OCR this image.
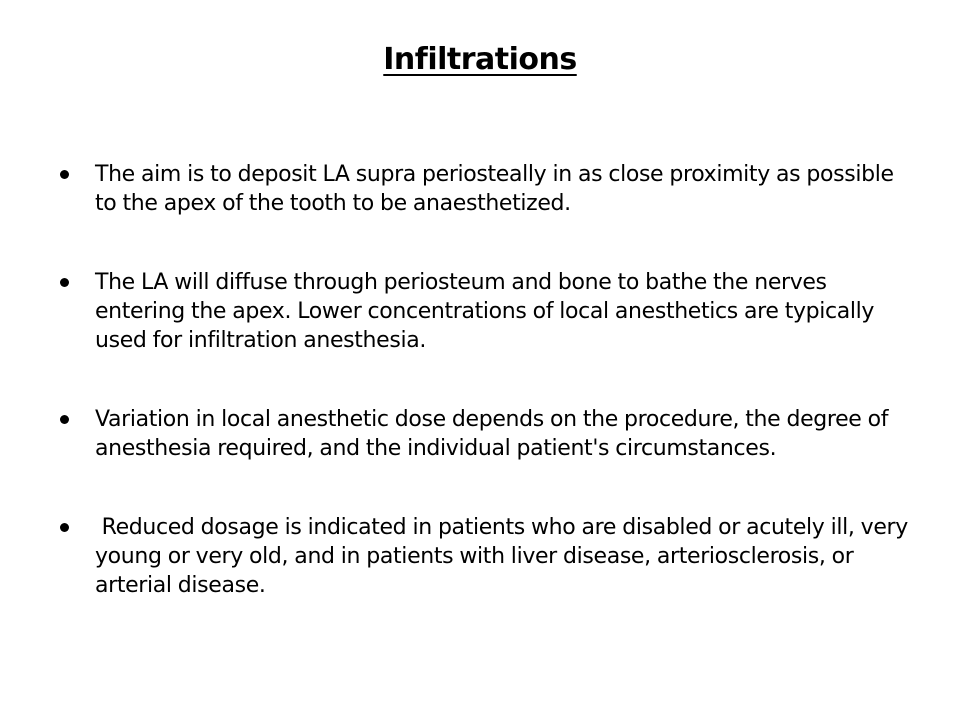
Infiltrations
The aim is to deposit LA supra periosteally in as close proximity as possible to the apex of the tooth to be anaesthetized.
The LA will diffuse through periosteum and bone to bathe the nerves entering the apex. Lower concentrations of local anesthetics are typically used for infiltration anesthesia.
Variation in local anesthetic dose depends on the procedure, the degree of anesthesia required, and the individual patient's circumstances.
Reduced dosage is indicated in patients who are disabled or acutely ill, very young or very old, and in patients with liver disease, arteriosclerosis, or arterial disease.
